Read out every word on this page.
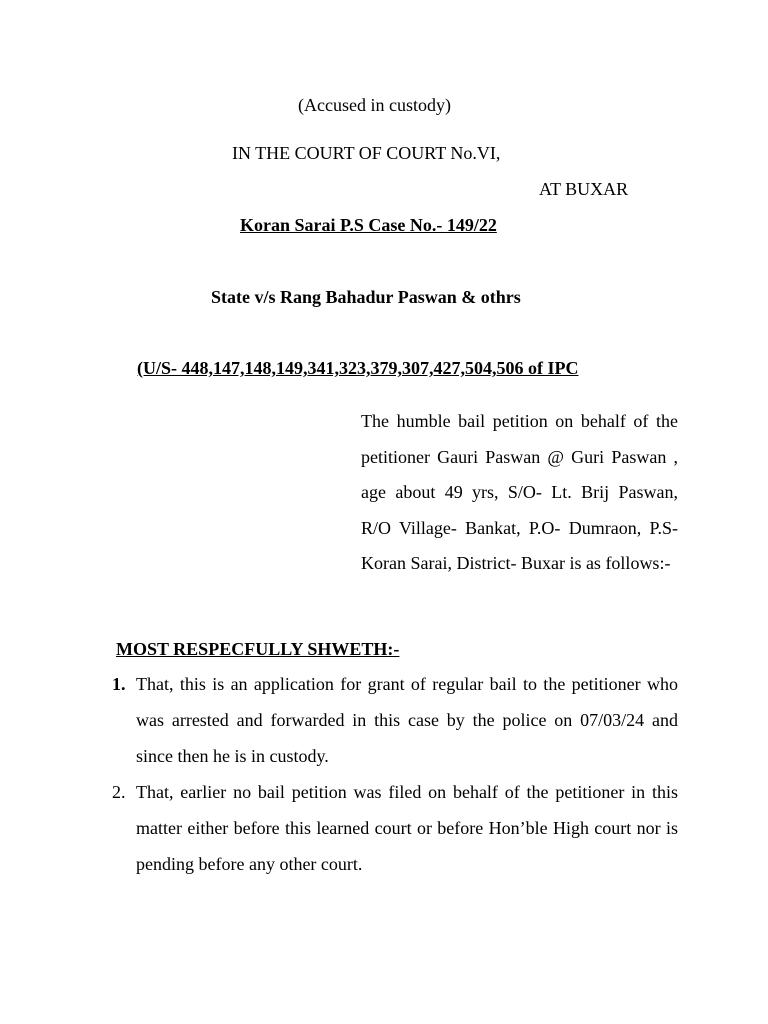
(Accused in custody)
IN THE COURT OF COURT No.VI,
AT BUXAR
Koran Sarai P.S Case No.- 149/22
State v/s Rang Bahadur Paswan & othrs
(U/S- 448,147,148,149,341,323,379,307,427,504,506 of IPC
The humble bail petition on behalf of the petitioner Gauri Paswan @ Guri Paswan , age about 49 yrs, S/O- Lt. Brij Paswan, R/O Village- Bankat, P.O- Dumraon, P.S- Koran Sarai, District- Buxar is as follows:-
MOST RESPECFULLY SHWETH:-
1. That, this is an application for grant of regular bail to the petitioner who was arrested and forwarded in this case by the police on 07/03/24 and since then he is in custody.
2. That, earlier no bail petition was filed on behalf of the petitioner in this matter either before this learned court or before Hon’ble High court nor is pending before any other court.
